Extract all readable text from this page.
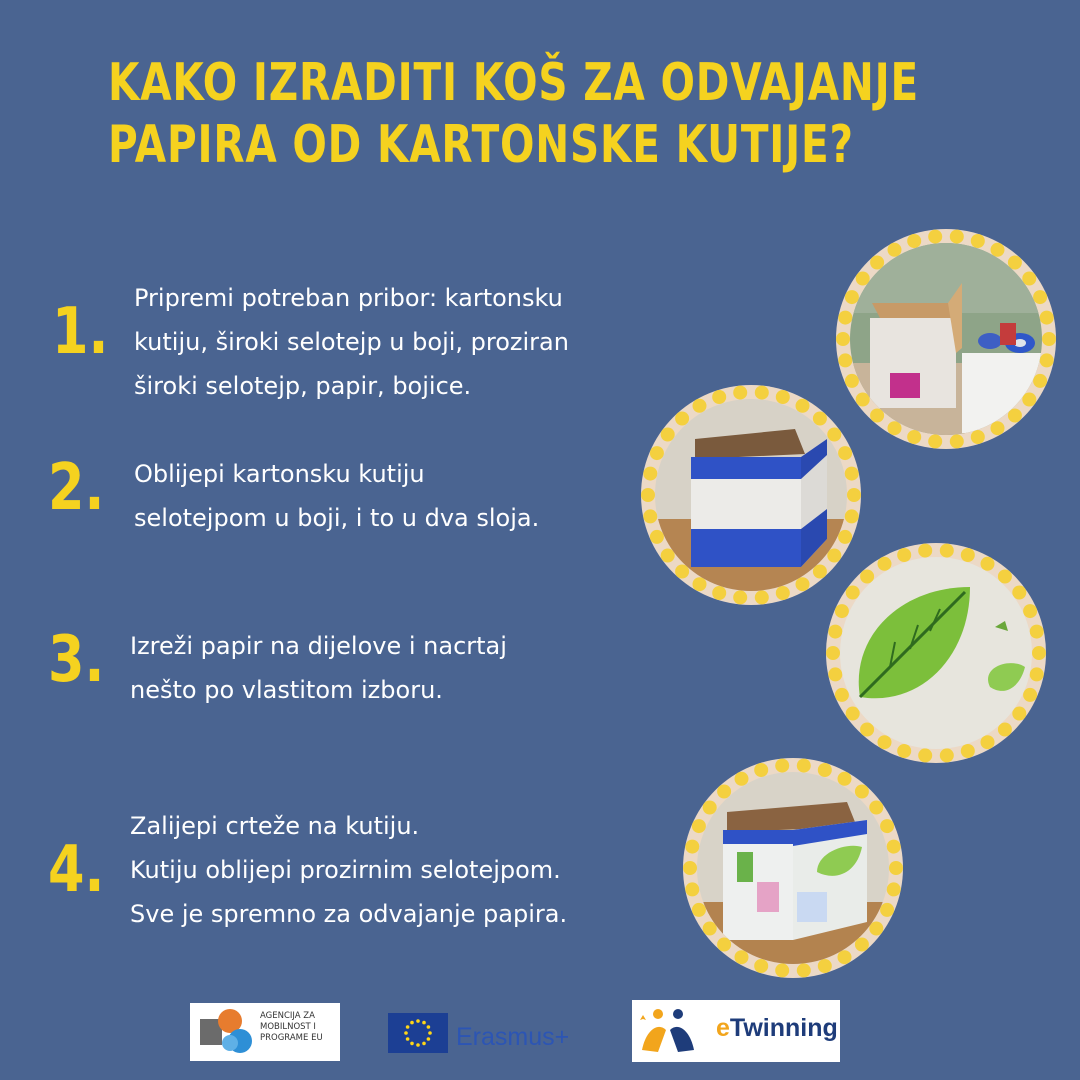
KAKO IZRADITI KOŠ ZA ODVAJANJE
PAPIRA OD KARTONSKE KUTIJE?
1. Pripremi potreban pribor: kartonsku
kutiju, široki selotejp u boji, proziran
široki selotejp, papir, bojice.
2. Oblijepi kartonsku kutiju
selotejpom u boji, i to u dva sloja.
3. Izreži papir na dijelove i nacrtaj
nešto po vlastitom izboru.
4.
Zalijepi crteže na kutiju.
Kutiju oblijepi prozirnim selotejpom.
Sve je spremno za odvajanje papira.
AGENCIJA ZA
MOBILNOST I
PROGRAME EU	Erasmus+	eTwinning
